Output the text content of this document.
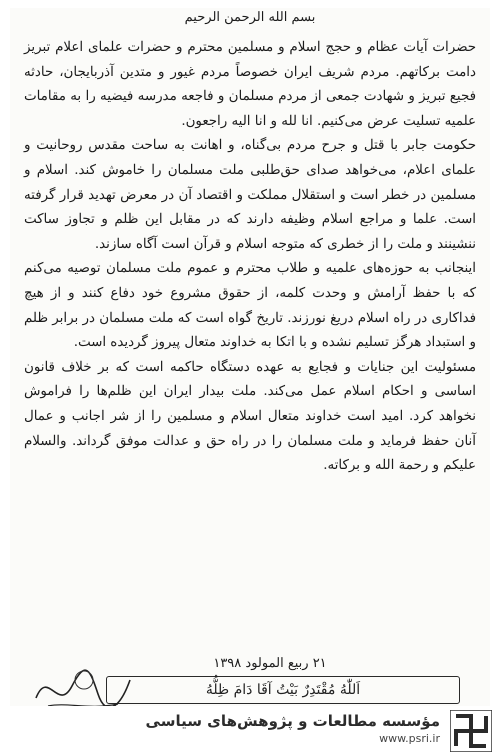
بسم الله الرحمن الرحیم

حضرات آیات عظام و حجج اسلام و مسلمین محترم و حضرات علمای اعلام تبریز دامت برکاتهم. مردم شریف ایران خصوصاً مردم غیور و متدین آذربایجان، حادثه فجیع تبریز و شهادت جمعی از مردم مسلمان و فاجعه مدرسه فیضیه را به مقامات علمیه تسلیت عرض می‌کنیم. انا لله و انا الیه راجعون.

حکومت جابر با قتل و جرح مردم بی‌گناه، و اهانت به ساحت مقدس روحانیت و علمای اعلام، می‌خواهد صدای حق‌طلبی ملت مسلمان را خاموش کند. اسلام و مسلمین در خطر است و استقلال مملکت و اقتصاد آن در معرض تهدید قرار گرفته است. علما و مراجع اسلام وظیفه دارند که در مقابل این ظلم و تجاوز ساکت ننشینند و ملت را از خطری که متوجه اسلام و قرآن است آگاه سازند.

اینجانب به حوزه‌های علمیه و طلاب محترم و عموم ملت مسلمان توصیه می‌کنم که با حفظ آرامش و وحدت کلمه، از حقوق مشروع خود دفاع کنند و از هیچ فداکاری در راه اسلام دریغ نورزند. تاریخ گواه است که ملت مسلمان در برابر ظلم و استبداد هرگز تسلیم نشده و با اتکا به خداوند متعال پیروز گردیده است.

مسئولیت این جنایات و فجایع به عهده دستگاه حاکمه است که بر خلاف قانون اساسی و احکام اسلام عمل می‌کند. ملت بیدار ایران این ظلم‌ها را فراموش نخواهد کرد. امید است خداوند متعال اسلام و مسلمین را از شر اجانب و عمال آنان حفظ فرماید و ملت مسلمان را در راه حق و عدالت موفق گرداند. والسلام علیکم و رحمة الله و برکاته.

۲۱ ربیع المولود ۱۳۹۸
اَللّٰهُ مُقْتَدِرٌ بَیْتُ آقَا دَامَ ظِلُّهُ
مؤسسه مطالعات و پژوهش‌های سیاسی
www.psri.ir
